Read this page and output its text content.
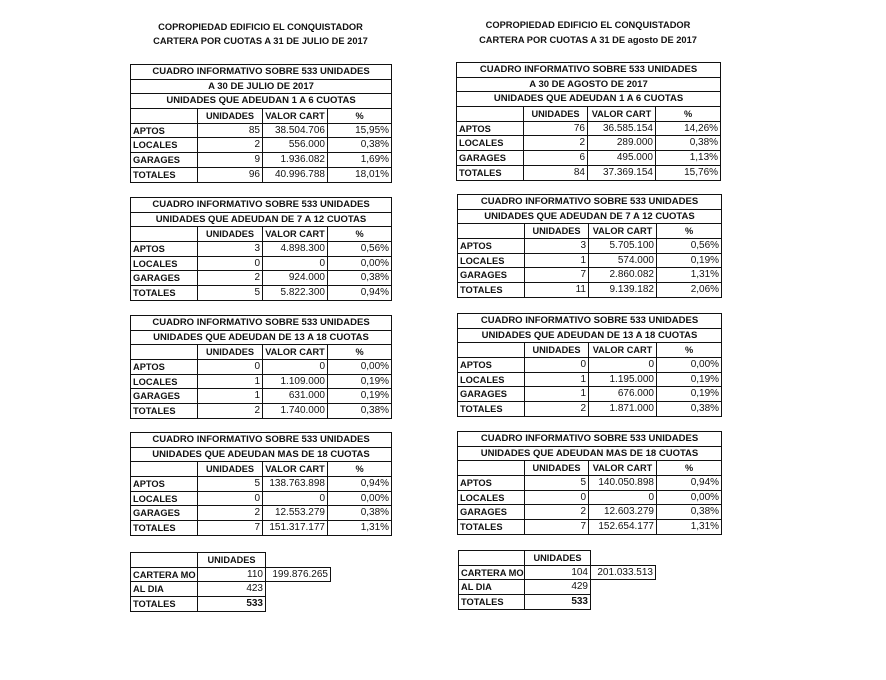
COPROPIEDAD EDIFICIO EL CONQUISTADOR
CARTERA POR CUOTAS A 31 DE JULIO DE 2017
CUADRO INFORMATIVO SOBRE 533 UNIDADES			
A 30 DE JULIO DE 2017			
UNIDADES QUE ADEUDAN 1 A 6 CUOTAS			
	UNIDADES	VALOR CART	%
APTOS	85	38.504.706	15,95%
LOCALES	2	556.000	0,38%
GARAGES	9	1.936.082	1,69%
TOTALES	96	40.996.788	18,01%
CUADRO INFORMATIVO SOBRE 533 UNIDADES			
UNIDADES QUE ADEUDAN DE 7 A 12 CUOTAS			
	UNIDADES	VALOR CART	%
APTOS	3	4.898.300	0,56%
LOCALES	0	0	0,00%
GARAGES	2	924.000	0,38%
TOTALES	5	5.822.300	0,94%
CUADRO INFORMATIVO SOBRE 533 UNIDADES			
UNIDADES QUE ADEUDAN DE 13 A 18 CUOTAS			
	UNIDADES	VALOR CART	%
APTOS	0	0	0,00%
LOCALES	1	1.109.000	0,19%
GARAGES	1	631.000	0,19%
TOTALES	2	1.740.000	0,38%
CUADRO INFORMATIVO SOBRE 533 UNIDADES			
UNIDADES QUE ADEUDAN MAS DE 18 CUOTAS			
	UNIDADES	VALOR CART	%
APTOS	5	138.763.898	0,94%
LOCALES	0	0	0,00%
GARAGES	2	12.553.279	0,38%
TOTALES	7	151.317.177	1,31%
	UNIDADES	
CARTERA MO	110	199.876.265
AL DIA	423	
TOTALES	533	
COPROPIEDAD EDIFICIO EL CONQUISTADOR
CARTERA POR CUOTAS A 31 DE agosto DE 2017
CUADRO INFORMATIVO SOBRE 533 UNIDADES			
A 30 DE AGOSTO DE 2017			
UNIDADES QUE ADEUDAN 1 A 6 CUOTAS			
	UNIDADES	VALOR CART	%
APTOS	76	36.585.154	14,26%
LOCALES	2	289.000	0,38%
GARAGES	6	495.000	1,13%
TOTALES	84	37.369.154	15,76%
CUADRO INFORMATIVO SOBRE 533 UNIDADES			
UNIDADES QUE ADEUDAN DE 7 A 12 CUOTAS			
	UNIDADES	VALOR CART	%
APTOS	3	5.705.100	0,56%
LOCALES	1	574.000	0,19%
GARAGES	7	2.860.082	1,31%
TOTALES	11	9.139.182	2,06%
CUADRO INFORMATIVO SOBRE 533 UNIDADES			
UNIDADES QUE ADEUDAN DE 13 A 18 CUOTAS			
	UNIDADES	VALOR CART	%
APTOS	0	0	0,00%
LOCALES	1	1.195.000	0,19%
GARAGES	1	676.000	0,19%
TOTALES	2	1.871.000	0,38%
CUADRO INFORMATIVO SOBRE 533 UNIDADES			
UNIDADES QUE ADEUDAN MAS DE 18 CUOTAS			
	UNIDADES	VALOR CART	%
APTOS	5	140.050.898	0,94%
LOCALES	0	0	0,00%
GARAGES	2	12.603.279	0,38%
TOTALES	7	152.654.177	1,31%
	UNIDADES	
CARTERA MO	104	201.033.513
AL DIA	429	
TOTALES	533	
